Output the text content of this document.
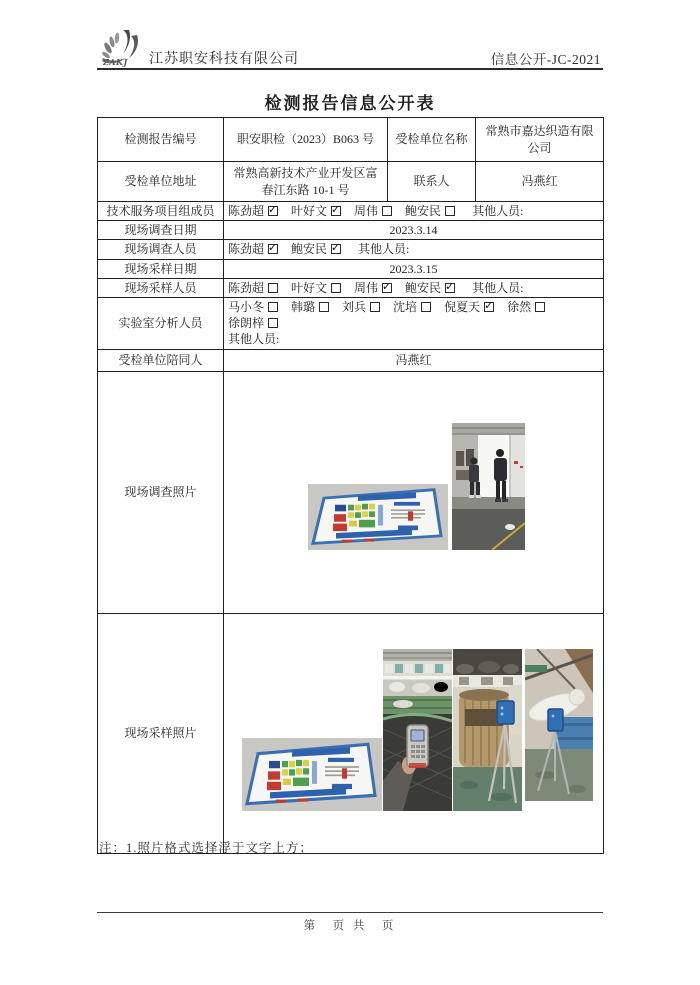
ZAKJ 江苏职安科技有限公司	信息公开-JC-2021
检测报告信息公开表
检测报告编号	职安职检（2023）B063 号	受检单位名称	常熟市嘉达织造有限公司
受检单位地址	常熟高新技术产业开发区富春江东路 10-1 号	联系人	冯燕红
技术服务项目组成员	陈劲超 ✓ 叶好文 ✓ 周伟 鲍安民 其他人员:
现场调查日期	2023.3.14		
现场调查人员	陈劲超 ✓ 鲍安民 ✓ 其他人员:
现场采样日期	2023.3.15		
现场采样人员	陈劲超 叶好文 周伟 ✓ 鲍安民 ✓ 其他人员:
实验室分析人员	马小冬 韩璐 刘兵 沈培 倪夏天✓ 徐然徐朗梓
其他人员:

受检单位陪同人	冯燕红		
现场调查照片	

现场采样照片	
注：1.照片格式选择浮于文字上方；
第　页 共　页
